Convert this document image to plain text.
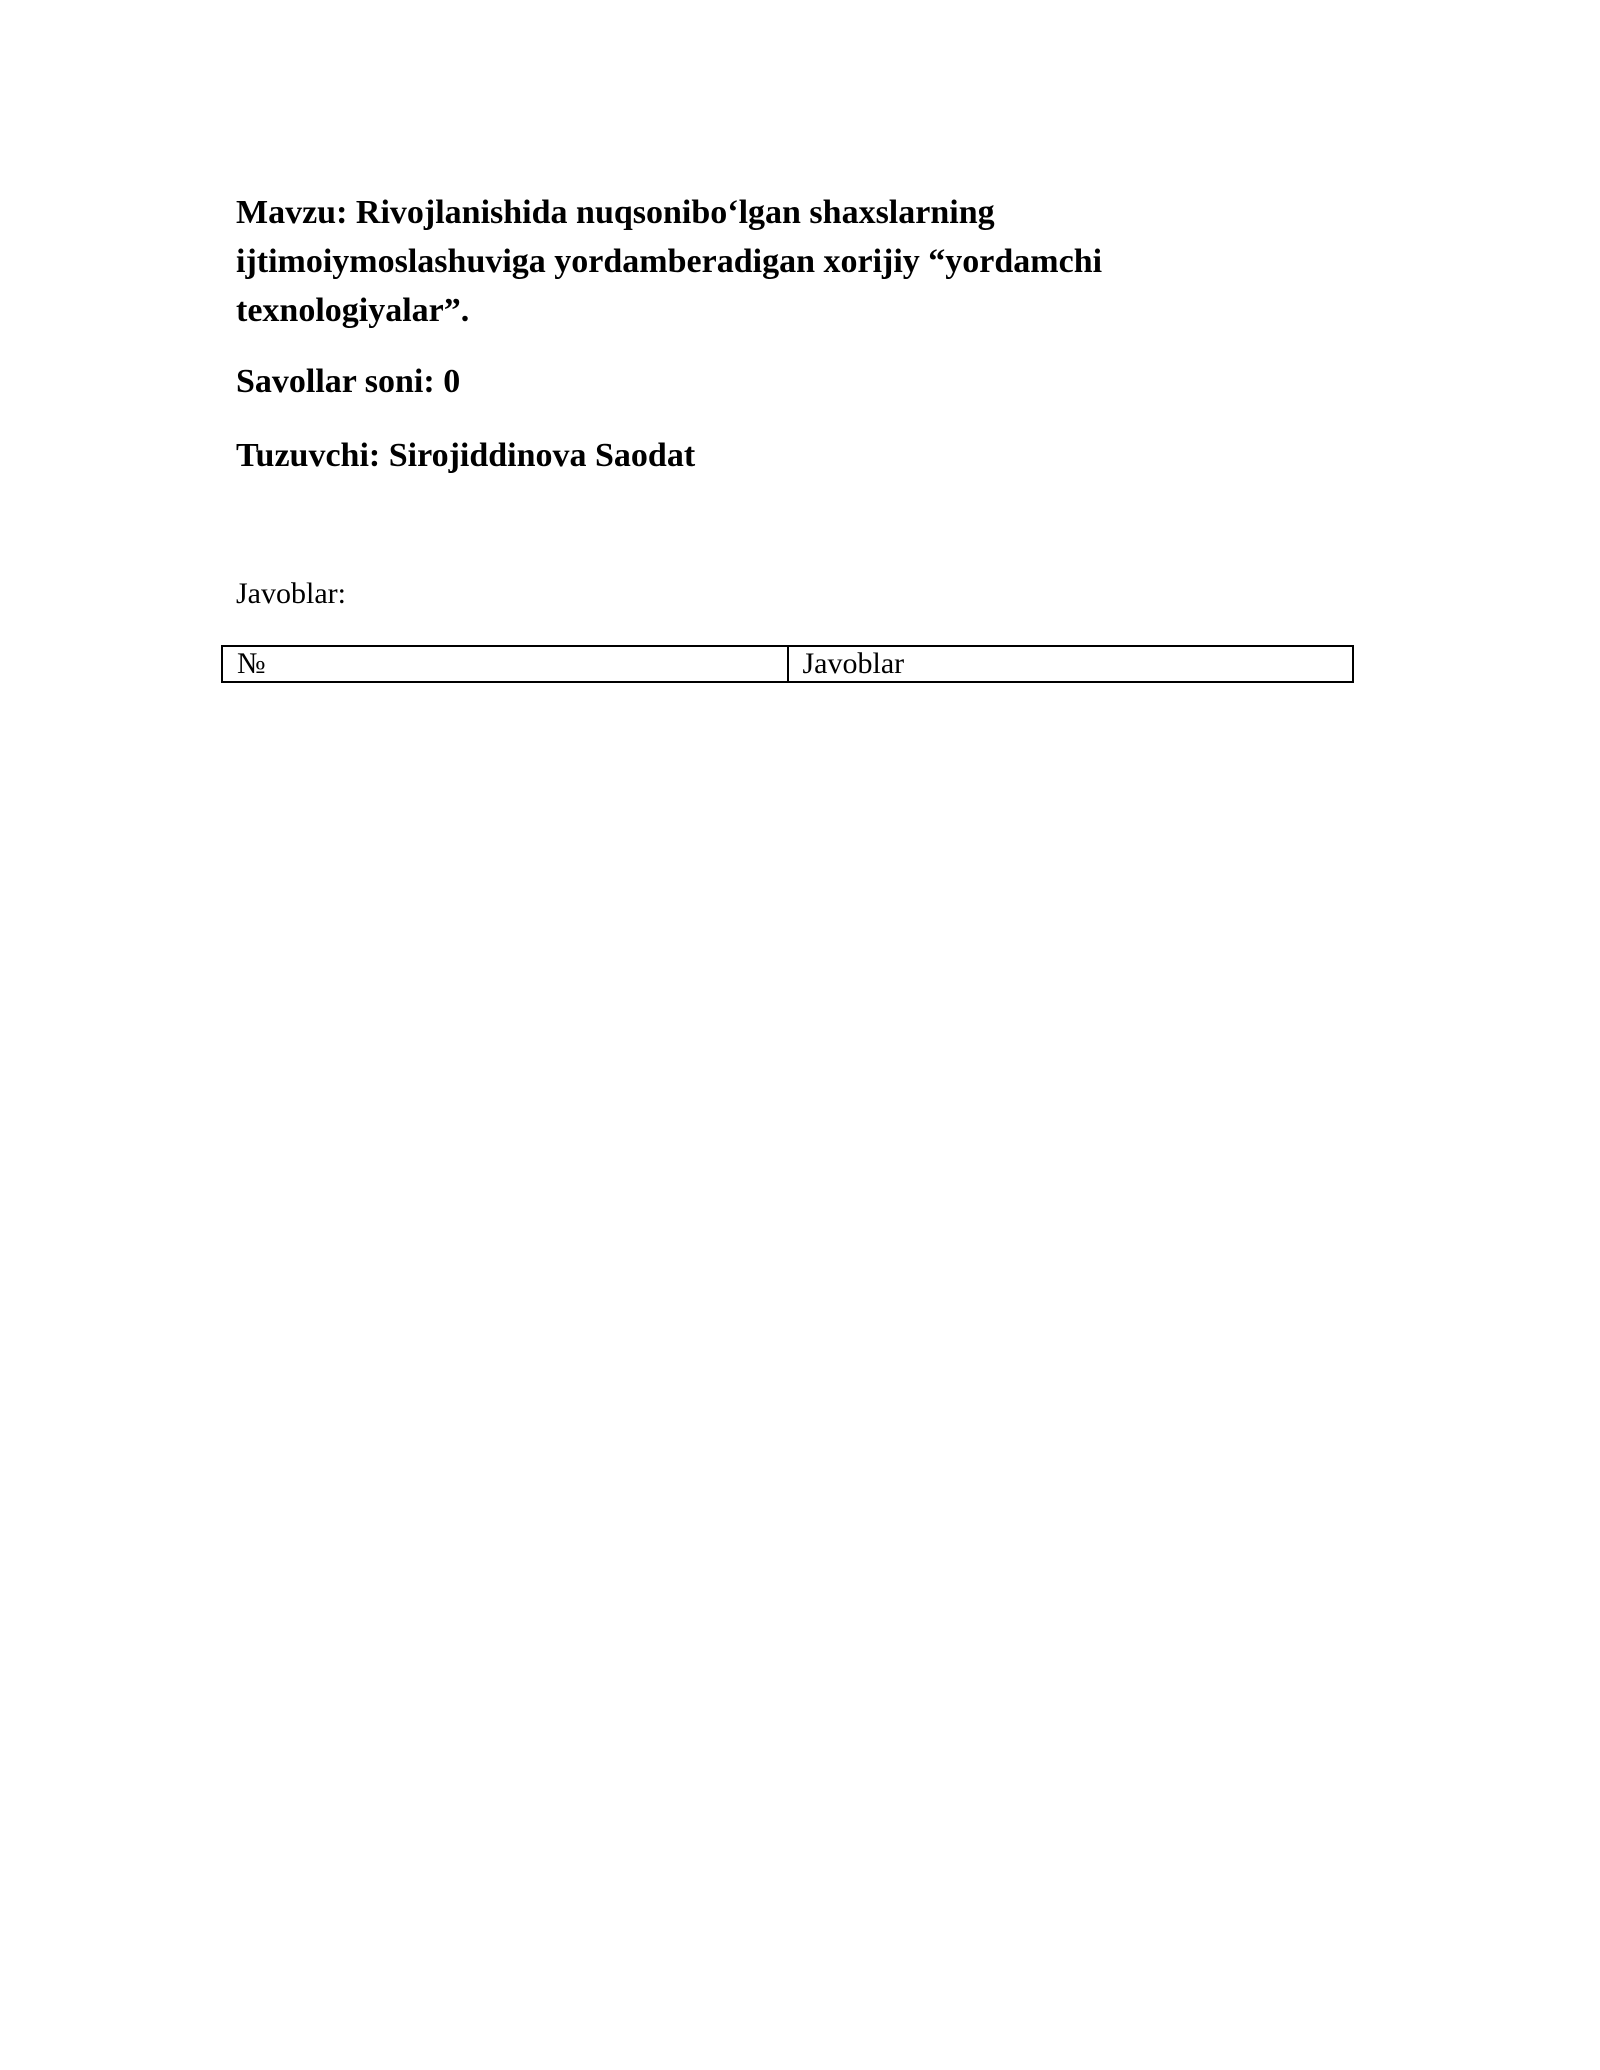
Mavzu: Rivojlanishida nuqsonibo‘lgan shaxslarning
ijtimoiymoslashuviga yordamberadigan xorijiy “yordamchi
texnologiyalar”.
Savollar soni: 0
Tuzuvchi: Sirojiddinova Saodat
Javoblar:
№	Javoblar
